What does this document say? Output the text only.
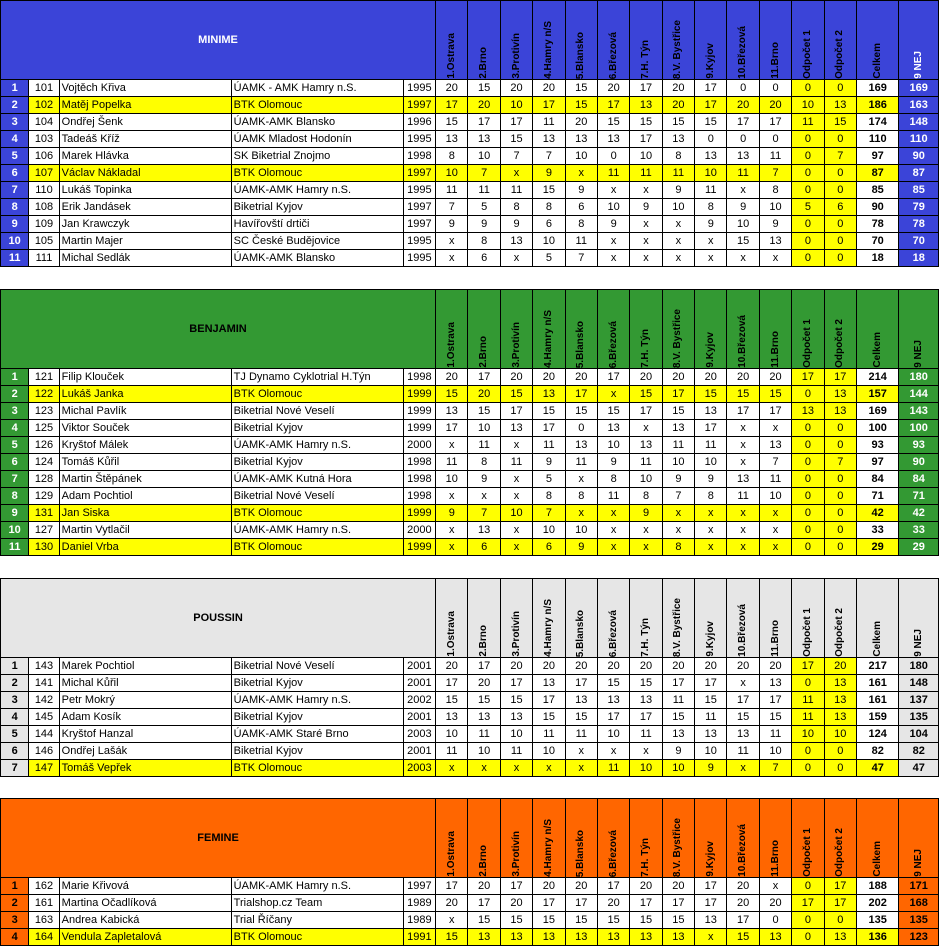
MINIME					1.Ostrava	2.Brno	3.Protivín	4.Hamry n/S	5.Blansko	6.Březová	7.H. Týn	8.V. Bystřice	9.Kyjov	10.Březová	11.Brno	Odpočet 1	Odpočet 2	Celkem	9 NEJ

1	101	Vojtěch Křiva	ÚAMK - AMK Hamry n.S.	1995	20	15	20	20	15	20	17	20	17	0	0	0	0	169	169
2	102	Matěj Popelka	BTK Olomouc	1997	17	20	10	17	15	17	13	20	17	20	20	10	13	186	163
3	104	Ondřej Šenk	ÚAMK-AMK Blansko	1996	15	17	17	11	20	15	15	15	15	17	17	11	15	174	148
4	103	Tadeáš Kříž	ÚAMK Mladost Hodonín	1995	13	13	15	13	13	13	17	13	0	0	0	0	0	110	110
5	106	Marek Hlávka	SK Biketrial Znojmo	1998	8	10	7	7	10	0	10	8	13	13	11	0	7	97	90
6	107	Václav Nákladal	BTK Olomouc	1997	10	7	x	9	x	11	11	11	10	11	7	0	0	87	87
7	110	Lukáš Topinka	ÚAMK-AMK Hamry n.S.	1995	11	11	11	15	9	x	x	9	11	x	8	0	0	85	85
8	108	Erik Jandásek	Biketrial Kyjov	1997	7	5	8	8	6	10	9	10	8	9	10	5	6	90	79
9	109	Jan Krawczyk	Havířovští drtiči	1997	9	9	9	6	8	9	x	x	9	10	9	0	0	78	78
10	105	Martin Majer	SC České Budějovice	1995	x	8	13	10	11	x	x	x	x	15	13	0	0	70	70
11	111	Michal Sedlák	ÚAMK-AMK Blansko	1995	x	6	x	5	7	x	x	x	x	x	x	0	0	18	18
BENJAMIN					1.Ostrava	2.Brno	3.Protivín	4.Hamry n/S	5.Blansko	6.Březová	7.H. Týn	8.V. Bystřice	9.Kyjov	10.Březová	11.Brno	Odpočet 1	Odpočet 2	Celkem	9 NEJ

1	121	Filip Klouček	TJ Dynamo Cyklotrial H.Týn	1998	20	17	20	20	20	17	20	20	20	20	20	17	17	214	180
2	122	Lukáš Janka	BTK Olomouc	1999	15	20	15	13	17	x	15	17	15	15	15	0	13	157	144
3	123	Michal Pavlík	Biketrial Nové Veselí	1999	13	15	17	15	15	15	17	15	13	17	17	13	13	169	143
4	125	Viktor Souček	Biketrial Kyjov	1999	17	10	13	17	0	13	x	13	17	x	x	0	0	100	100
5	126	Kryštof Málek	ÚAMK-AMK Hamry n.S.	2000	x	11	x	11	13	10	13	11	11	x	13	0	0	93	93
6	124	Tomáš Kůřil	Biketrial Kyjov	1998	11	8	11	9	11	9	11	10	10	x	7	0	7	97	90
7	128	Martin Štěpánek	ÚAMK-AMK Kutná Hora	1998	10	9	x	5	x	8	10	9	9	13	11	0	0	84	84
8	129	Adam Pochtiol	Biketrial Nové Veselí	1998	x	x	x	8	8	11	8	7	8	11	10	0	0	71	71
9	131	Jan Siska	BTK Olomouc	1999	9	7	10	7	x	x	9	x	x	x	x	0	0	42	42
10	127	Martin Vytlačil	ÚAMK-AMK Hamry n.S.	2000	x	13	x	10	10	x	x	x	x	x	x	0	0	33	33
11	130	Daniel Vrba	BTK Olomouc	1999	x	6	x	6	9	x	x	8	x	x	x	0	0	29	29
POUSSIN					1.Ostrava	2.Brno	3.Protivín	4.Hamry n/S	5.Blansko	6.Březová	7.H. Týn	8.V. Bystřice	9.Kyjov	10.Březová	11.Brno	Odpočet 1	Odpočet 2	Celkem	9 NEJ

1	143	Marek Pochtiol	Biketrial Nové Veselí	2001	20	17	20	20	20	20	20	20	20	20	20	17	20	217	180
2	141	Michal Kůřil	Biketrial Kyjov	2001	17	20	17	13	17	15	15	17	17	x	13	0	13	161	148
3	142	Petr Mokrý	ÚAMK-AMK Hamry n.S.	2002	15	15	15	17	13	13	13	11	15	17	17	11	13	161	137
4	145	Adam Kosík	Biketrial Kyjov	2001	13	13	13	15	15	17	17	15	11	15	15	11	13	159	135
5	144	Kryštof Hanzal	ÚAMK-AMK Staré Brno	2003	10	11	10	11	11	10	11	13	13	13	11	10	10	124	104
6	146	Ondřej Lašák	Biketrial Kyjov	2001	11	10	11	10	x	x	x	9	10	11	10	0	0	82	82
7	147	Tomáš Vepřek	BTK Olomouc	2003	x	x	x	x	x	11	10	10	9	x	7	0	0	47	47
FEMINE					1.Ostrava	2.Brno	3.Protivín	4.Hamry n/S	5.Blansko	6.Březová	7.H. Týn	8.V. Bystřice	9.Kyjov	10.Březová	11.Brno	Odpočet 1	Odpočet 2	Celkem	9 NEJ

1	162	Marie Křivová	ÚAMK-AMK Hamry n.S.	1997	17	20	17	20	20	17	20	20	17	20	x	0	17	188	171
2	161	Martina Očadlíková	Trialshop.cz Team	1989	20	17	20	17	17	20	17	17	17	20	20	17	17	202	168
3	163	Andrea Kabická	Trial Říčany	1989	x	15	15	15	15	15	15	15	13	17	0	0	0	135	135
4	164	Vendula Zapletalová	BTK Olomouc	1991	15	13	13	13	13	13	13	13	x	15	13	0	13	136	123
